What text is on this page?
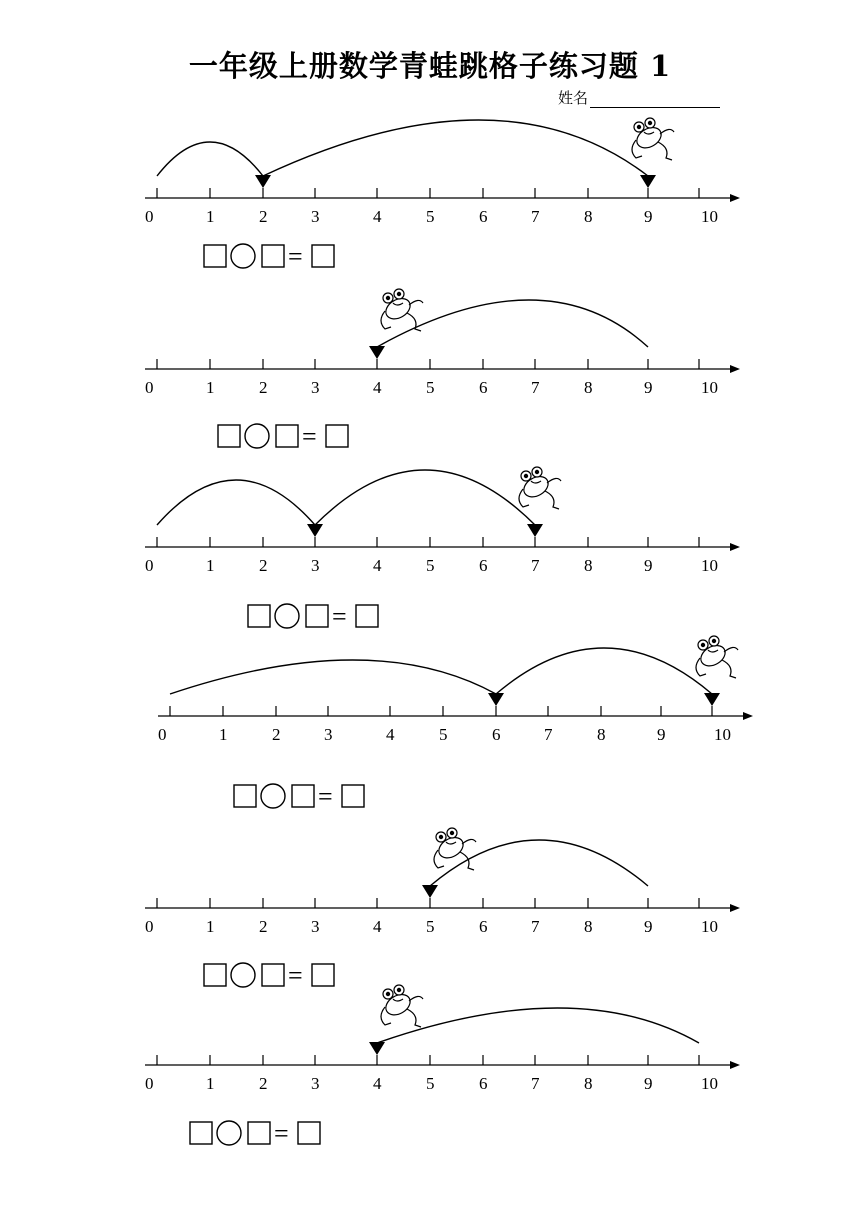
一年级上册数学青蛙跳格子练习题 1
姓名
0	1	2	3	4	5	6	7	8	9	10
=
0	1	2	3	4	5	6	7	8	9	10
=
0	1	2	3	4	5	6	7	8	9	10
=
0	1	2	3	4	5	6	7	8	9	10
=
0	1	2	3	4	5	6	7	8	9	10
=
0	1	2	3	4	5	6	7	8	9	10
=
